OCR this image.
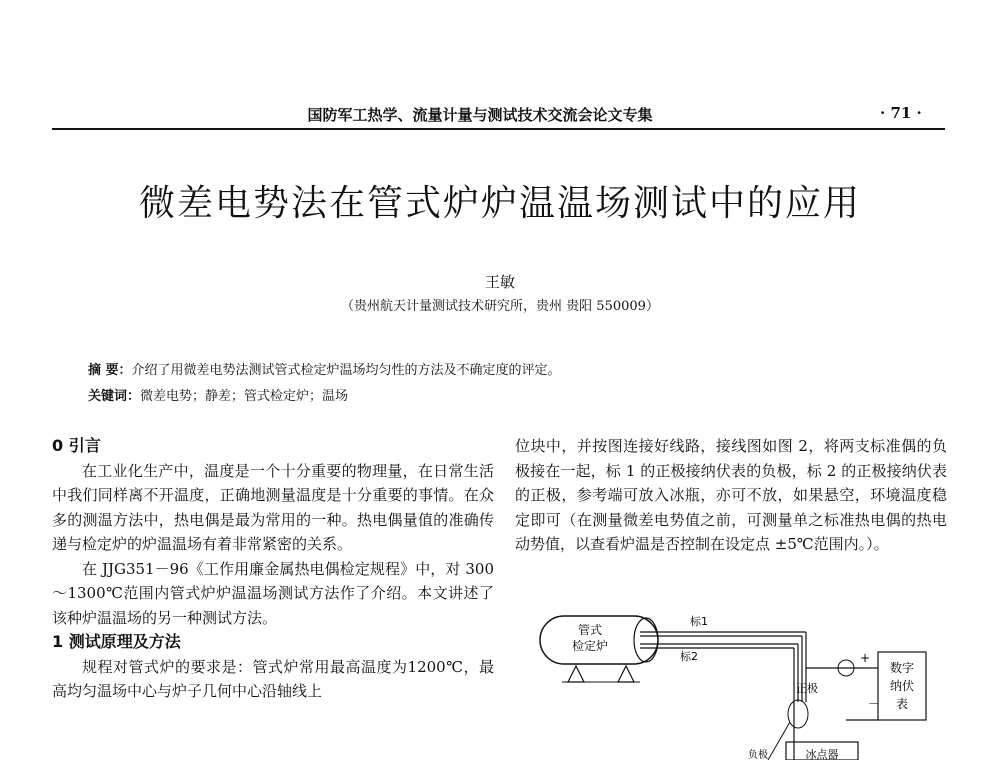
国防军工热学、流量计量与测试技术交流会论文专集	· 71 ·
微差电势法在管式炉炉温温场测试中的应用
王敏
（贵州航天计量测试技术研究所，贵州 贵阳 550009）
摘 要：介绍了用微差电势法测试管式检定炉温场均匀性的方法及不确定度的评定。
关键词：微差电势；静差；管式检定炉；温场

0 引言

在工业化生产中，温度是一个十分重要的物理量，在日常生活中我们同样离不开温度，正确地测量温度是十分重要的事情。在众多的测温方法中，热电偶是最为常用的一种。热电偶量值的准确传递与检定炉的炉温温场有着非常紧密的关系。

在 JJG351－96《工作用廉金属热电偶检定规程》中，对 300～1300℃范围内管式炉炉温温场测试方法作了介绍。本文讲述了该种炉温温场的另一种测试方法。

1 测试原理及方法

规程对管式炉的要求是：管式炉常用最高温度为1200℃，最高均匀温场中心与炉子几何中心沿轴线上

位块中，并按图连接好线路，接线图如图 2，将两支标准偶的负极接在一起，标 1 的正极接纳伏表的负极，标 2 的正极接纳伏表的正极，参考端可放入冰瓶，亦可不放，如果悬空，环境温度稳定即可（在测量微差电势值之前，可测量单之标准热电偶的热电动势值，以查看炉温是否控制在设定点 ±5℃范围内。）。

管式
检定炉
标1
标2	+
正极
－
数字
纳伏
表
负极	冰点器
